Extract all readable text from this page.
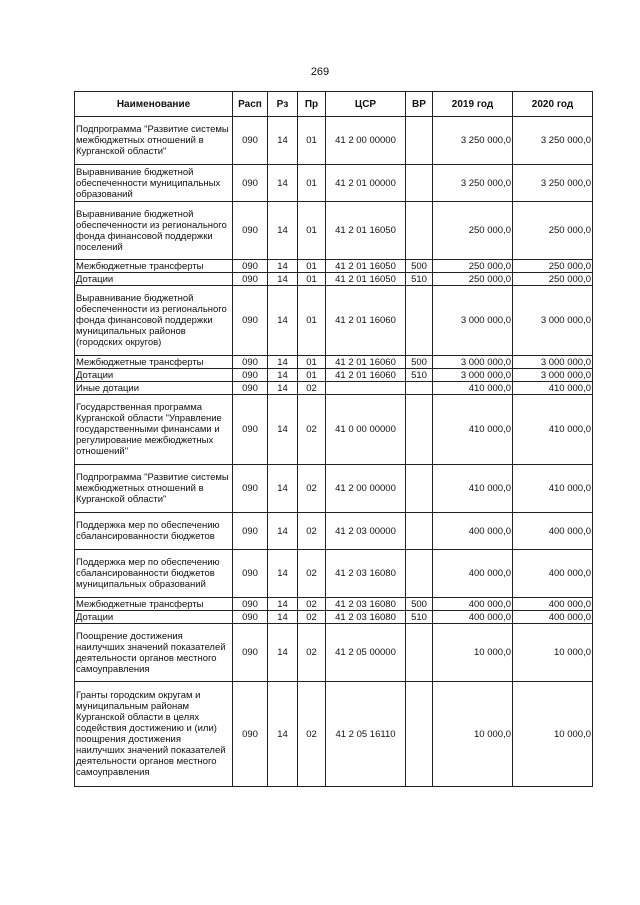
269
Наименование	Расп	Рз	Пр	ЦСР	ВР	2019 год	2020 год
Подпрограмма "Развитие системы межбюджетных отношений в Курганской области"	090	14	01	41 2 00 00000		3 250 000,0	3 250 000,0
Выравнивание бюджетной обеспеченности муниципальных образований	090	14	01	41 2 01 00000		3 250 000,0	3 250 000,0
Выравнивание бюджетной обеспеченности из регионального фонда финансовой поддержки поселений	090	14	01	41 2 01 16050		250 000,0	250 000,0
Межбюджетные трансферты	090	14	01	41 2 01 16050	500	250 000,0	250 000,0
Дотации	090	14	01	41 2 01 16050	510	250 000,0	250 000,0
Выравнивание бюджетной обеспеченности из регионального фонда финансовой поддержки муниципальных районов (городских округов)	090	14	01	41 2 01 16060		3 000 000,0	3 000 000,0
Межбюджетные трансферты	090	14	01	41 2 01 16060	500	3 000 000,0	3 000 000,0
Дотации	090	14	01	41 2 01 16060	510	3 000 000,0	3 000 000,0
Иные дотации	090	14	02			410 000,0	410 000,0
Государственная программа Курганской области "Управление государственными финансами и регулирование межбюджетных отношений"	090	14	02	41 0 00 00000		410 000,0	410 000,0
Подпрограмма "Развитие системы межбюджетных отношений в Курганской области"	090	14	02	41 2 00 00000		410 000,0	410 000,0
Поддержка мер по обеспечению сбалансированности бюджетов	090	14	02	41 2 03 00000		400 000,0	400 000,0
Поддержка мер по обеспечению сбалансированности бюджетов муниципальных образований	090	14	02	41 2 03 16080		400 000,0	400 000,0
Межбюджетные трансферты	090	14	02	41 2 03 16080	500	400 000,0	400 000,0
Дотации	090	14	02	41 2 03 16080	510	400 000,0	400 000,0
Поощрение достижения наилучших значений показателей деятельности органов местного самоуправления	090	14	02	41 2 05 00000		10 000,0	10 000,0
Гранты городским округам и муниципальным районам Курганской области в целях содействия достижению и (или) поощрения достижения наилучших значений показателей деятельности органов местного самоуправления	090	14	02	41 2 05 16110		10 000,0	10 000,0
